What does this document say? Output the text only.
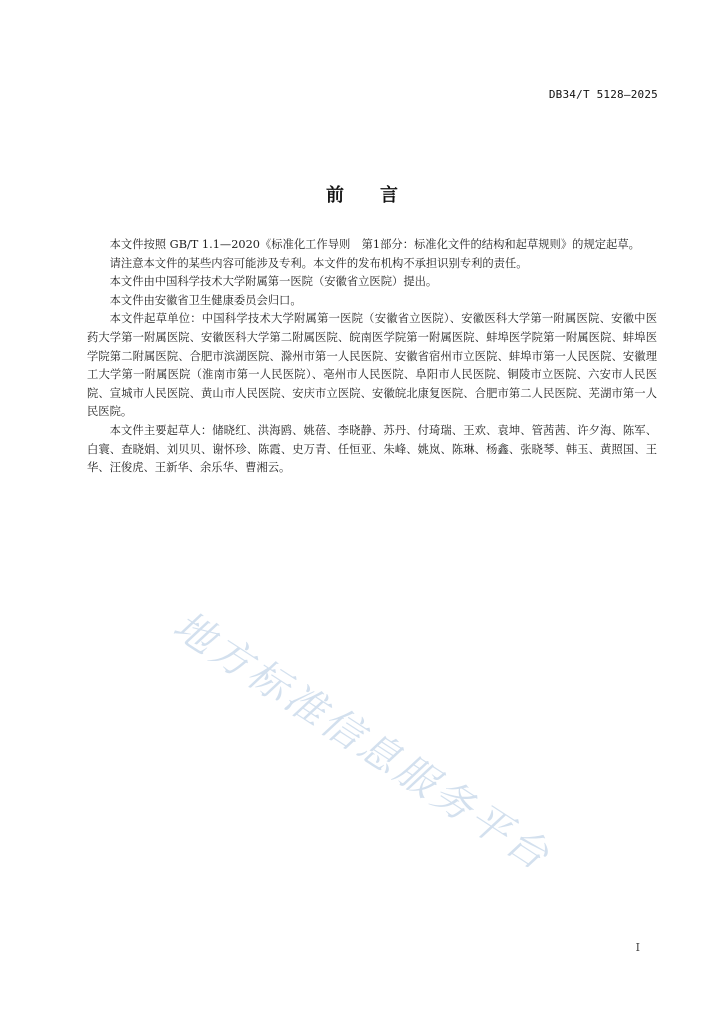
DB34/T 5128—2025
前言

本文件按照 GB/T 1.1—2020《标准化工作导则　第1部分：标准化文件的结构和起草规则》的规定起草。

请注意本文件的某些内容可能涉及专利。本文件的发布机构不承担识别专利的责任。

本文件由中国科学技术大学附属第一医院（安徽省立医院）提出。

本文件由安徽省卫生健康委员会归口。

本文件起草单位：中国科学技术大学附属第一医院（安徽省立医院）、安徽医科大学第一附属医院、安徽中医药大学第一附属医院、安徽医科大学第二附属医院、皖南医学院第一附属医院、蚌埠医学院第一附属医院、蚌埠医学院第二附属医院、合肥市滨湖医院、滁州市第一人民医院、安徽省宿州市立医院、蚌埠市第一人民医院、安徽理工大学第一附属医院（淮南市第一人民医院）、亳州市人民医院、阜阳市人民医院、铜陵市立医院、六安市人民医院、宣城市人民医院、黄山市人民医院、安庆市立医院、安徽皖北康复医院、合肥市第二人民医院、芜湖市第一人民医院。

本文件主要起草人：储晓红、洪海鸥、姚蓓、李晓静、苏丹、付琦瑞、王欢、袁坤、管茜茜、许夕海、陈军、白寰、查晓娟、刘贝贝、谢怀珍、陈霞、史万青、任恒亚、朱峰、姚岚、陈琳、杨鑫、张晓琴、韩玉、黄照国、王华、汪俊虎、王新华、余乐华、曹湘云。

地方标准信息服务平台
I
